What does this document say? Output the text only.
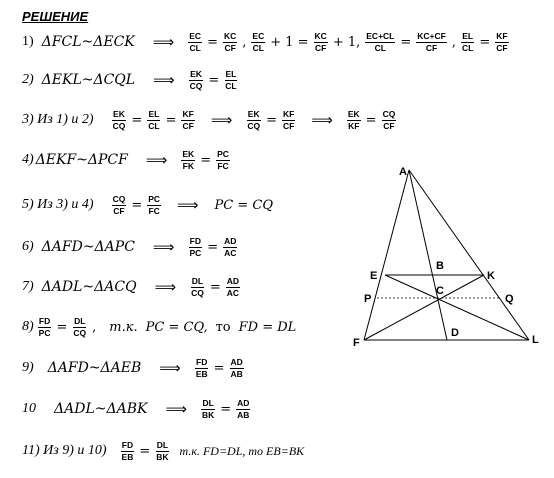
РЕШЕНИЕ
1) ΔFCL~ΔECK ⟹ $\frac{EC}{CL} = \frac{KC}{CF}$ , $\frac{EC}{CL} + 1 = \frac{KC}{CF} + 1$, $\frac{EC+CL}{CL} = \frac{KC+CF}{CF}$ , $\frac{EL}{CL} = \frac{KF}{CF}$
2) ΔEKL~ΔCQL ⟹ $\frac{EK}{CQ} = \frac{EL}{CL}$
3) Из 1) и $2) \frac{EK}{CQ} = \frac{EL}{CL} = \frac{KF}{CF}$ ⟹ $\frac{EK}{CQ} = \frac{KF}{CF}$ ⟹ $\frac{EK}{KF} = \frac{CQ}{CF}$
4) ΔEKF~ΔPCF ⟹ $\frac{EK}{FK} = \frac{PC}{FC}$
5) Из 3) и $4) \frac{CQ}{CF} = \frac{PC}{FC}$ ⟹ PC = CQ
6) ΔAFD~ΔAPC ⟹ $\frac{FD}{PC} = \frac{AD}{AC}$
7) ΔADL~ΔACQ ⟹ $\frac{DL}{CQ} = \frac{AD}{AC}$
$8) \frac{FD}{PC} = \frac{DL}{CQ}$ , т.к. PC = CQ, то FD = DL
9) ΔAFD~ΔAEB ⟹ $\frac{FD}{EB} = \frac{AD}{AB}$
10 ΔADL~ΔABK ⟹ $\frac{DL}{BK} = \frac{AD}{AB}$
11) Из 9) и $10) \frac{FD}{EB} = \frac{DL}{BK} т.к$. FD=DL, то EB=BK
A
E
B
K
P
C
Q
D
F	L
